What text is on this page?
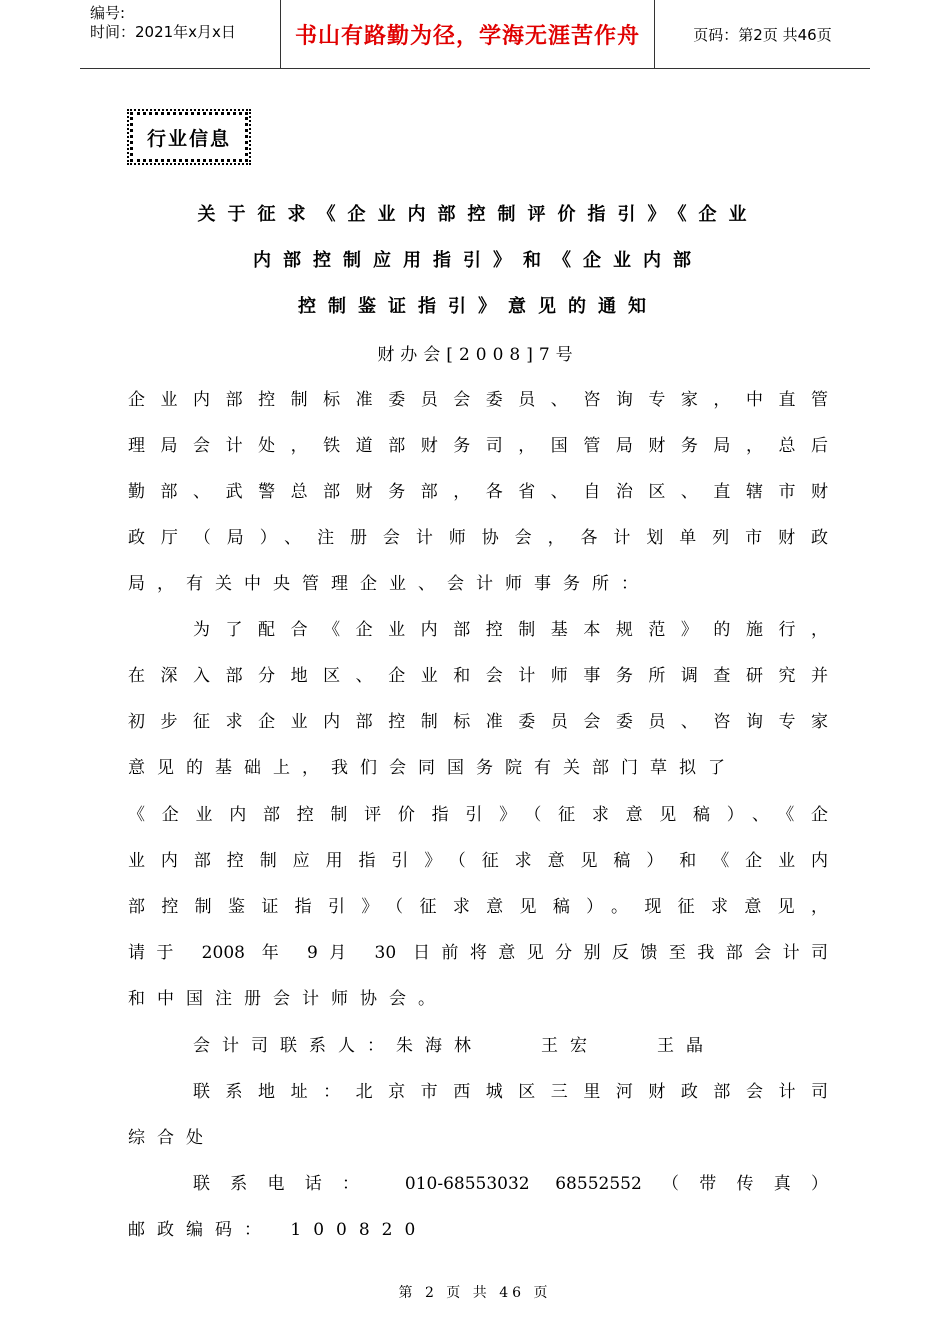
编号:
时间：2021年x月x日	书山有路勤为径，学海无涯苦作舟	页码：第2页 共46页
行业信息
关于征求《企业内部控制评价指引》《企业
内部控制应用指引》和《企业内部
控制鉴证指引》意见的通知
财办会[2008]7号
企业内部控制标准委员会委员、咨询专家，中直管
理局会计处，铁道部财务司，国管局财务局，总后
勤部、武警总部财务部，各省、自治区、直辖市财
政厅（局）、注册会计师协会，各计划单列市财政
局，有关中央管理企业、会计师事务所：
为了配合《企业内部控制基本规范》的施行，
在深入部分地区、企业和会计师事务所调查研究并
初步征求企业内部控制标准委员会委员、咨询专家
意见的基础上，我们会同国务院有关部门草拟了
《企业内部控制评价指引》（征求意见稿）、《企
业内部控制应用指引》（征求意见稿）和《企业内
部控制鉴证指引》（征求意见稿）。现征求意见，
请于 2008 年 9月 30 日前将意见分别反馈至我部会计司
和中国注册会计师协会。
会计司联系人：朱海林　　王宏　　王晶
联系地址：北京市西城区三里河财政部会计司
综合处
联系电话： 010-68553032 68552552（带传真）
邮政编码： 100820
第 2 页 共 46 页
